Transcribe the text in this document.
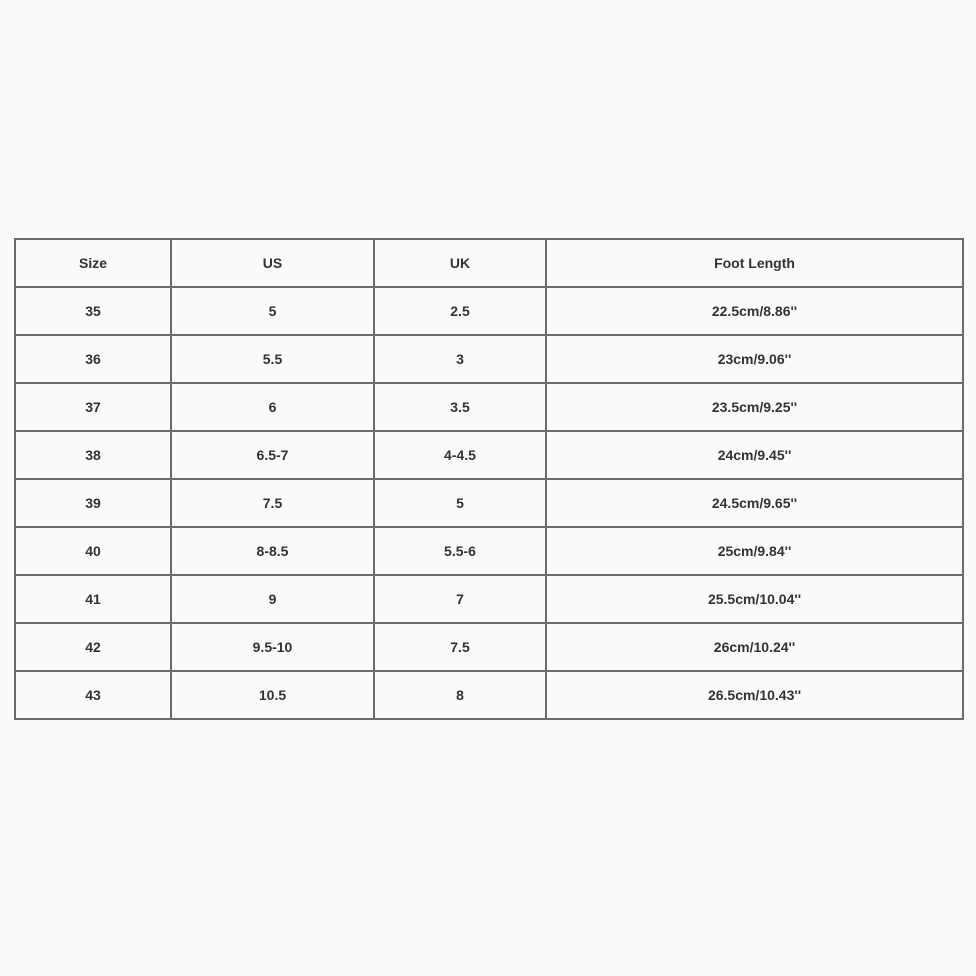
Size	US	UK	Foot Length
35	5	2.5	22.5cm/8.86''
36	5.5	3	23cm/9.06''
37	6	3.5	23.5cm/9.25''
38	6.5-7	4-4.5	24cm/9.45''
39	7.5	5	24.5cm/9.65''
40	8-8.5	5.5-6	25cm/9.84''
41	9	7	25.5cm/10.04''
42	9.5-10	7.5	26cm/10.24''
43	10.5	8	26.5cm/10.43''
